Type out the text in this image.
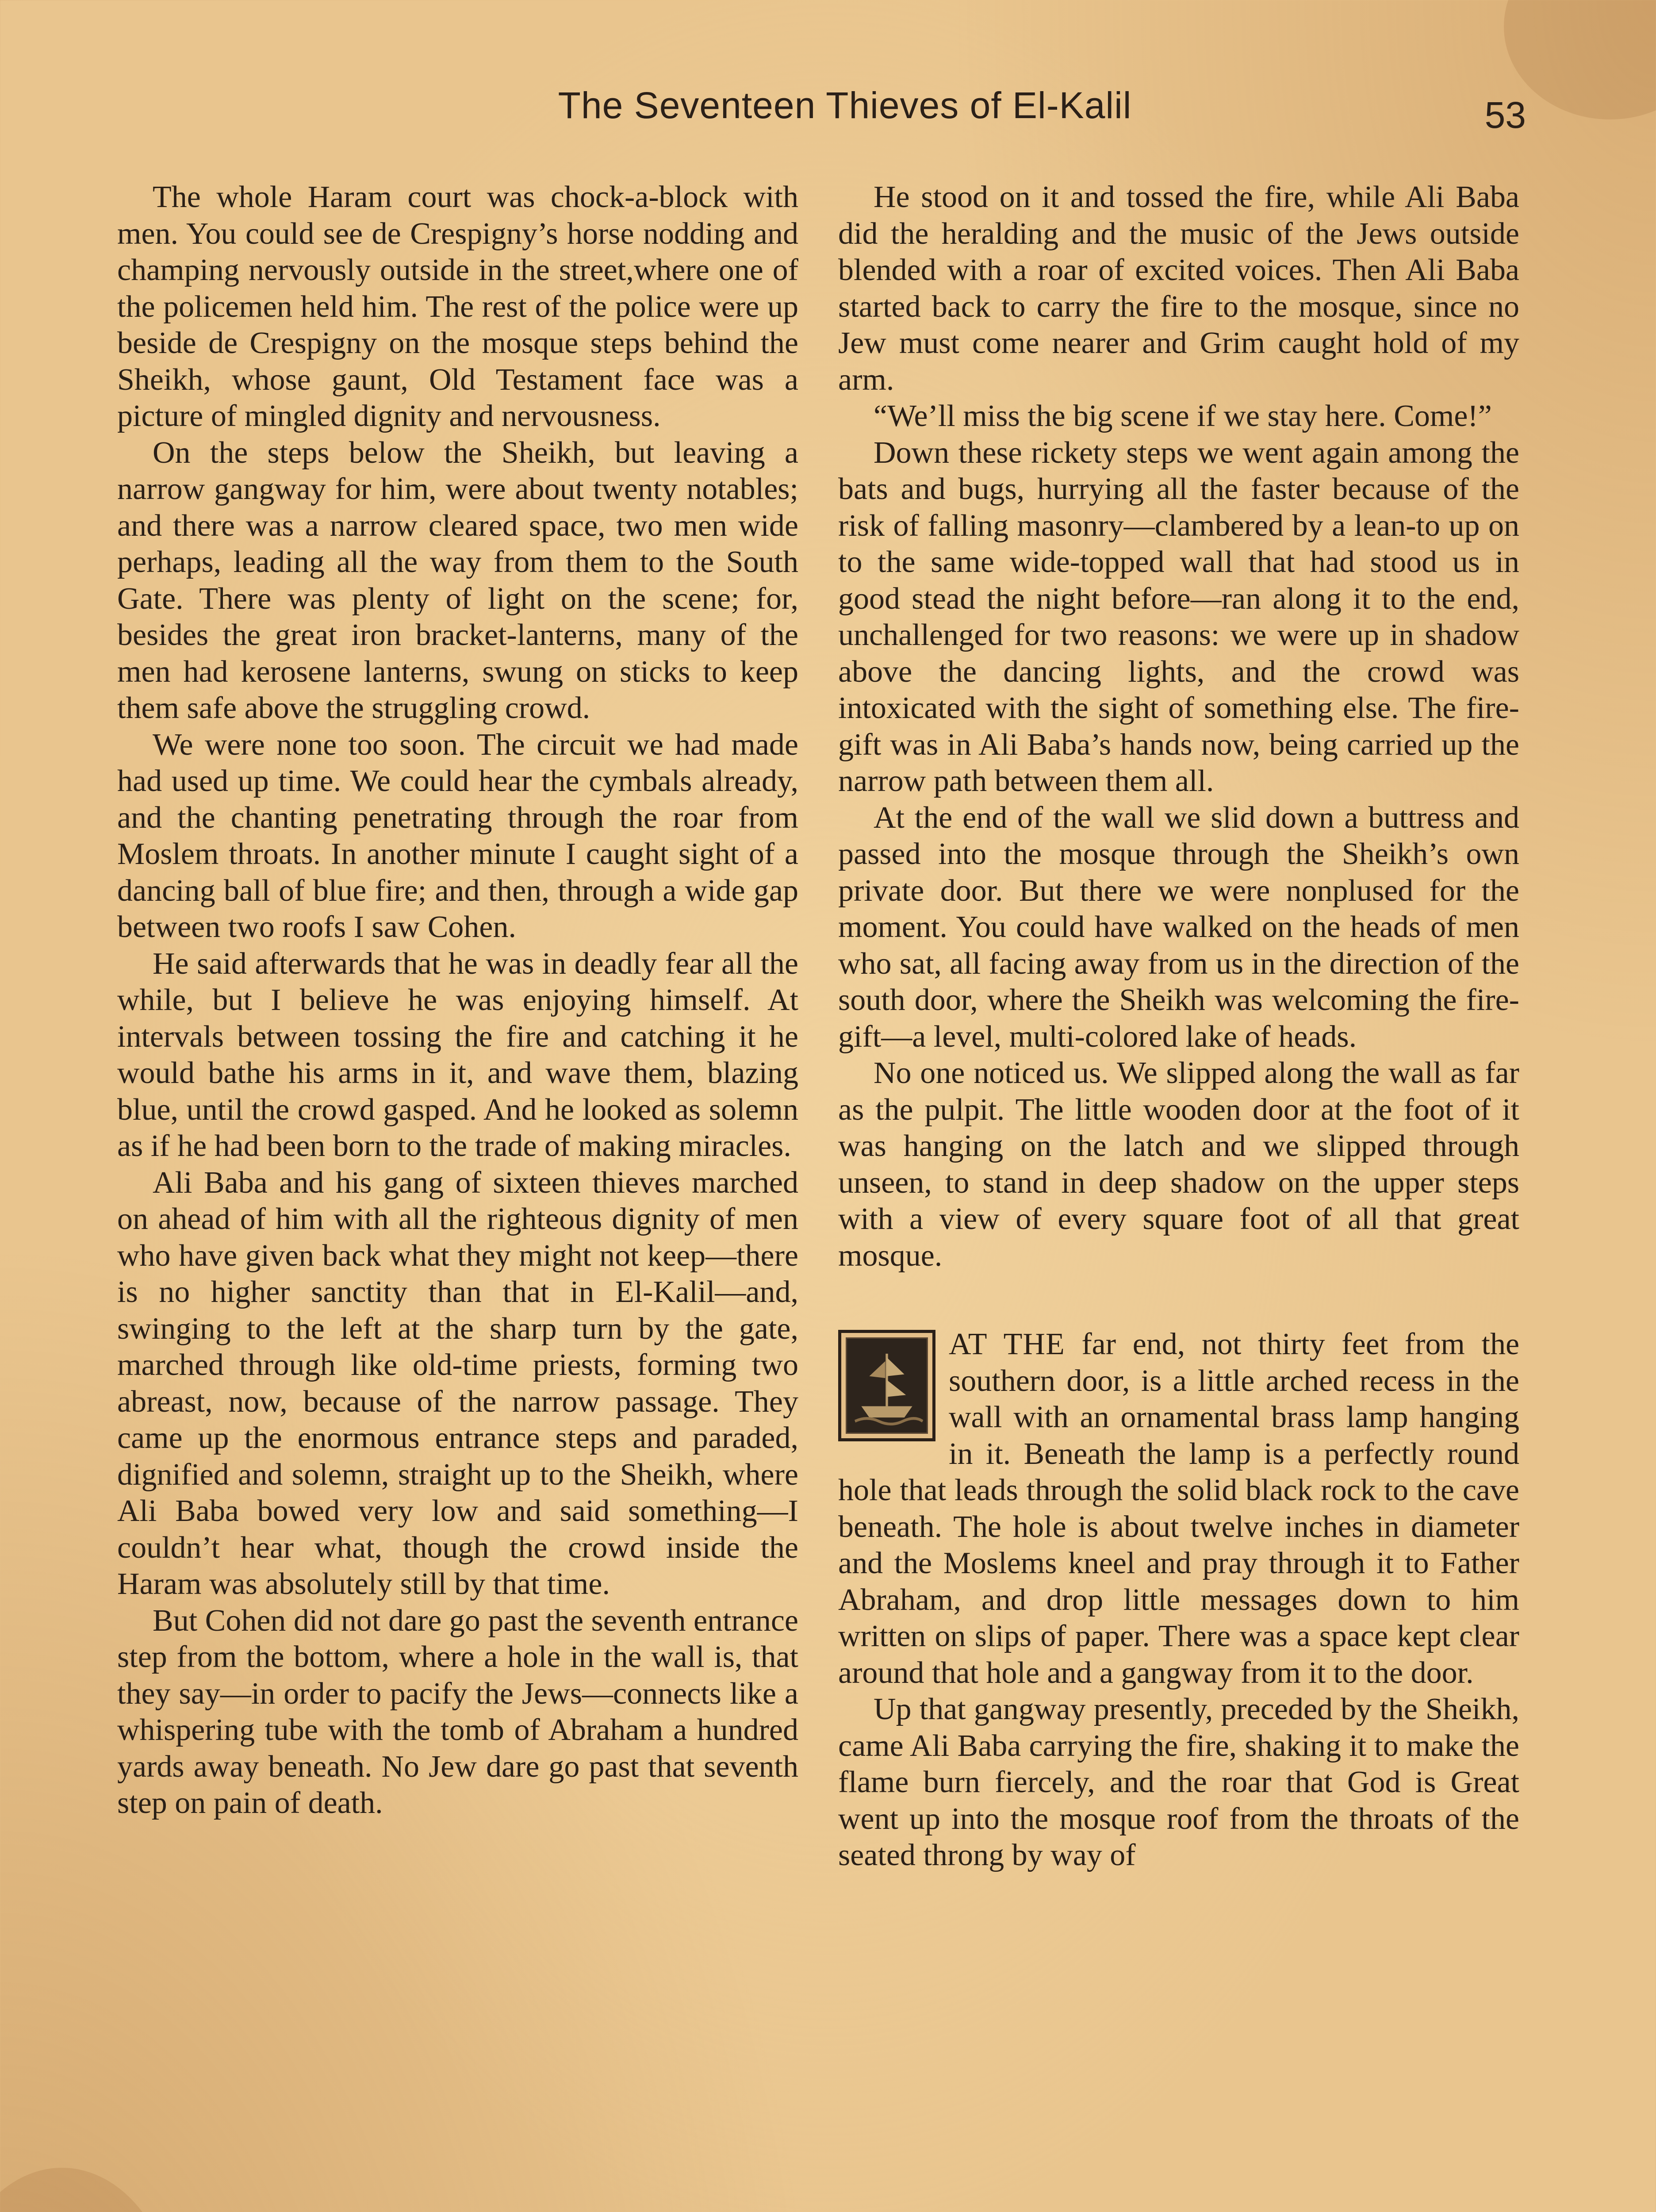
The Seventeen Thieves of El-Kalil	53

The whole Haram court was chock-a-block with men. You could see de Crespigny’s horse nodding and champing nervously outside in the street,where one of the policemen held him. The rest of the police were up beside de Crespigny on the mosque steps behind the Sheikh, whose gaunt, Old Testament face was a picture of mingled dignity and nervousness.

On the steps below the Sheikh, but leaving a narrow gangway for him, were about twenty notables; and there was a narrow cleared space, two men wide perhaps, leading all the way from them to the South Gate. There was plenty of light on the scene; for, besides the great iron bracket-lanterns, many of the men had kerosene lanterns, swung on sticks to keep them safe above the struggling crowd.

We were none too soon. The circuit we had made had used up time. We could hear the cymbals already, and the chanting penetrating through the roar from Moslem throats. In another minute I caught sight of a dancing ball of blue fire; and then, through a wide gap between two roofs I saw Cohen.

He said afterwards that he was in deadly fear all the while, but I believe he was enjoying himself. At intervals between tossing the fire and catching it he would bathe his arms in it, and wave them, blazing blue, until the crowd gasped. And he looked as solemn as if he had been born to the trade of making miracles.

Ali Baba and his gang of sixteen thieves marched on ahead of him with all the righteous dignity of men who have given back what they might not keep—there is no higher sanctity than that in El-Kalil—and, swinging to the left at the sharp turn by the gate, marched through like old-time priests, forming two abreast, now, because of the narrow passage. They came up the enormous entrance steps and paraded, dignified and solemn, straight up to the Sheikh, where Ali Baba bowed very low and said something—I couldn’t hear what, though the crowd inside the Haram was absolutely still by that time.

But Cohen did not dare go past the seventh entrance step from the bottom, where a hole in the wall is, that they say—in order to pacify the Jews—connects like a whispering tube with the tomb of Abraham a hundred yards away beneath. No Jew dare go past that seventh step on pain of death.

He stood on it and tossed the fire, while Ali Baba did the heralding and the music of the Jews outside blended with a roar of excited voices. Then Ali Baba started back to carry the fire to the mosque, since no Jew must come nearer and Grim caught hold of my arm.

“We’ll miss the big scene if we stay here. Come!”

Down these rickety steps we went again among the bats and bugs, hurrying all the faster because of the risk of falling masonry—clambered by a lean-to up on to the same wide-topped wall that had stood us in good stead the night before—ran along it to the end, unchallenged for two reasons: we were up in shadow above the dancing lights, and the crowd was intoxicated with the sight of something else. The fire-gift was in Ali Baba’s hands now, being carried up the narrow path between them all.

At the end of the wall we slid down a buttress and passed into the mosque through the Sheikh’s own private door. But there we were nonplused for the moment. You could have walked on the heads of men who sat, all facing away from us in the direction of the south door, where the Sheikh was welcoming the fire-gift—a level, multi-colored lake of heads.

No one noticed us. We slipped along the wall as far as the pulpit. The little wooden door at the foot of it was hanging on the latch and we slipped through unseen, to stand in deep shadow on the upper steps with a view of every square foot of all that great mosque.

AT THE far end, not thirty feet from the southern door, is a little arched recess in the wall with an ornamental brass lamp hanging in it. Beneath the lamp is a perfectly round hole that leads through the solid black rock to the cave beneath. The hole is about twelve inches in diameter and the Moslems kneel and pray through it to Father Abraham, and drop little messages down to him written on slips of paper. There was a space kept clear around that hole and a gangway from it to the door.

Up that gangway presently, preceded by the Sheikh, came Ali Baba carrying the fire, shaking it to make the flame burn fiercely, and the roar that God is Great went up into the mosque roof from the throats of the seated throng by way of
